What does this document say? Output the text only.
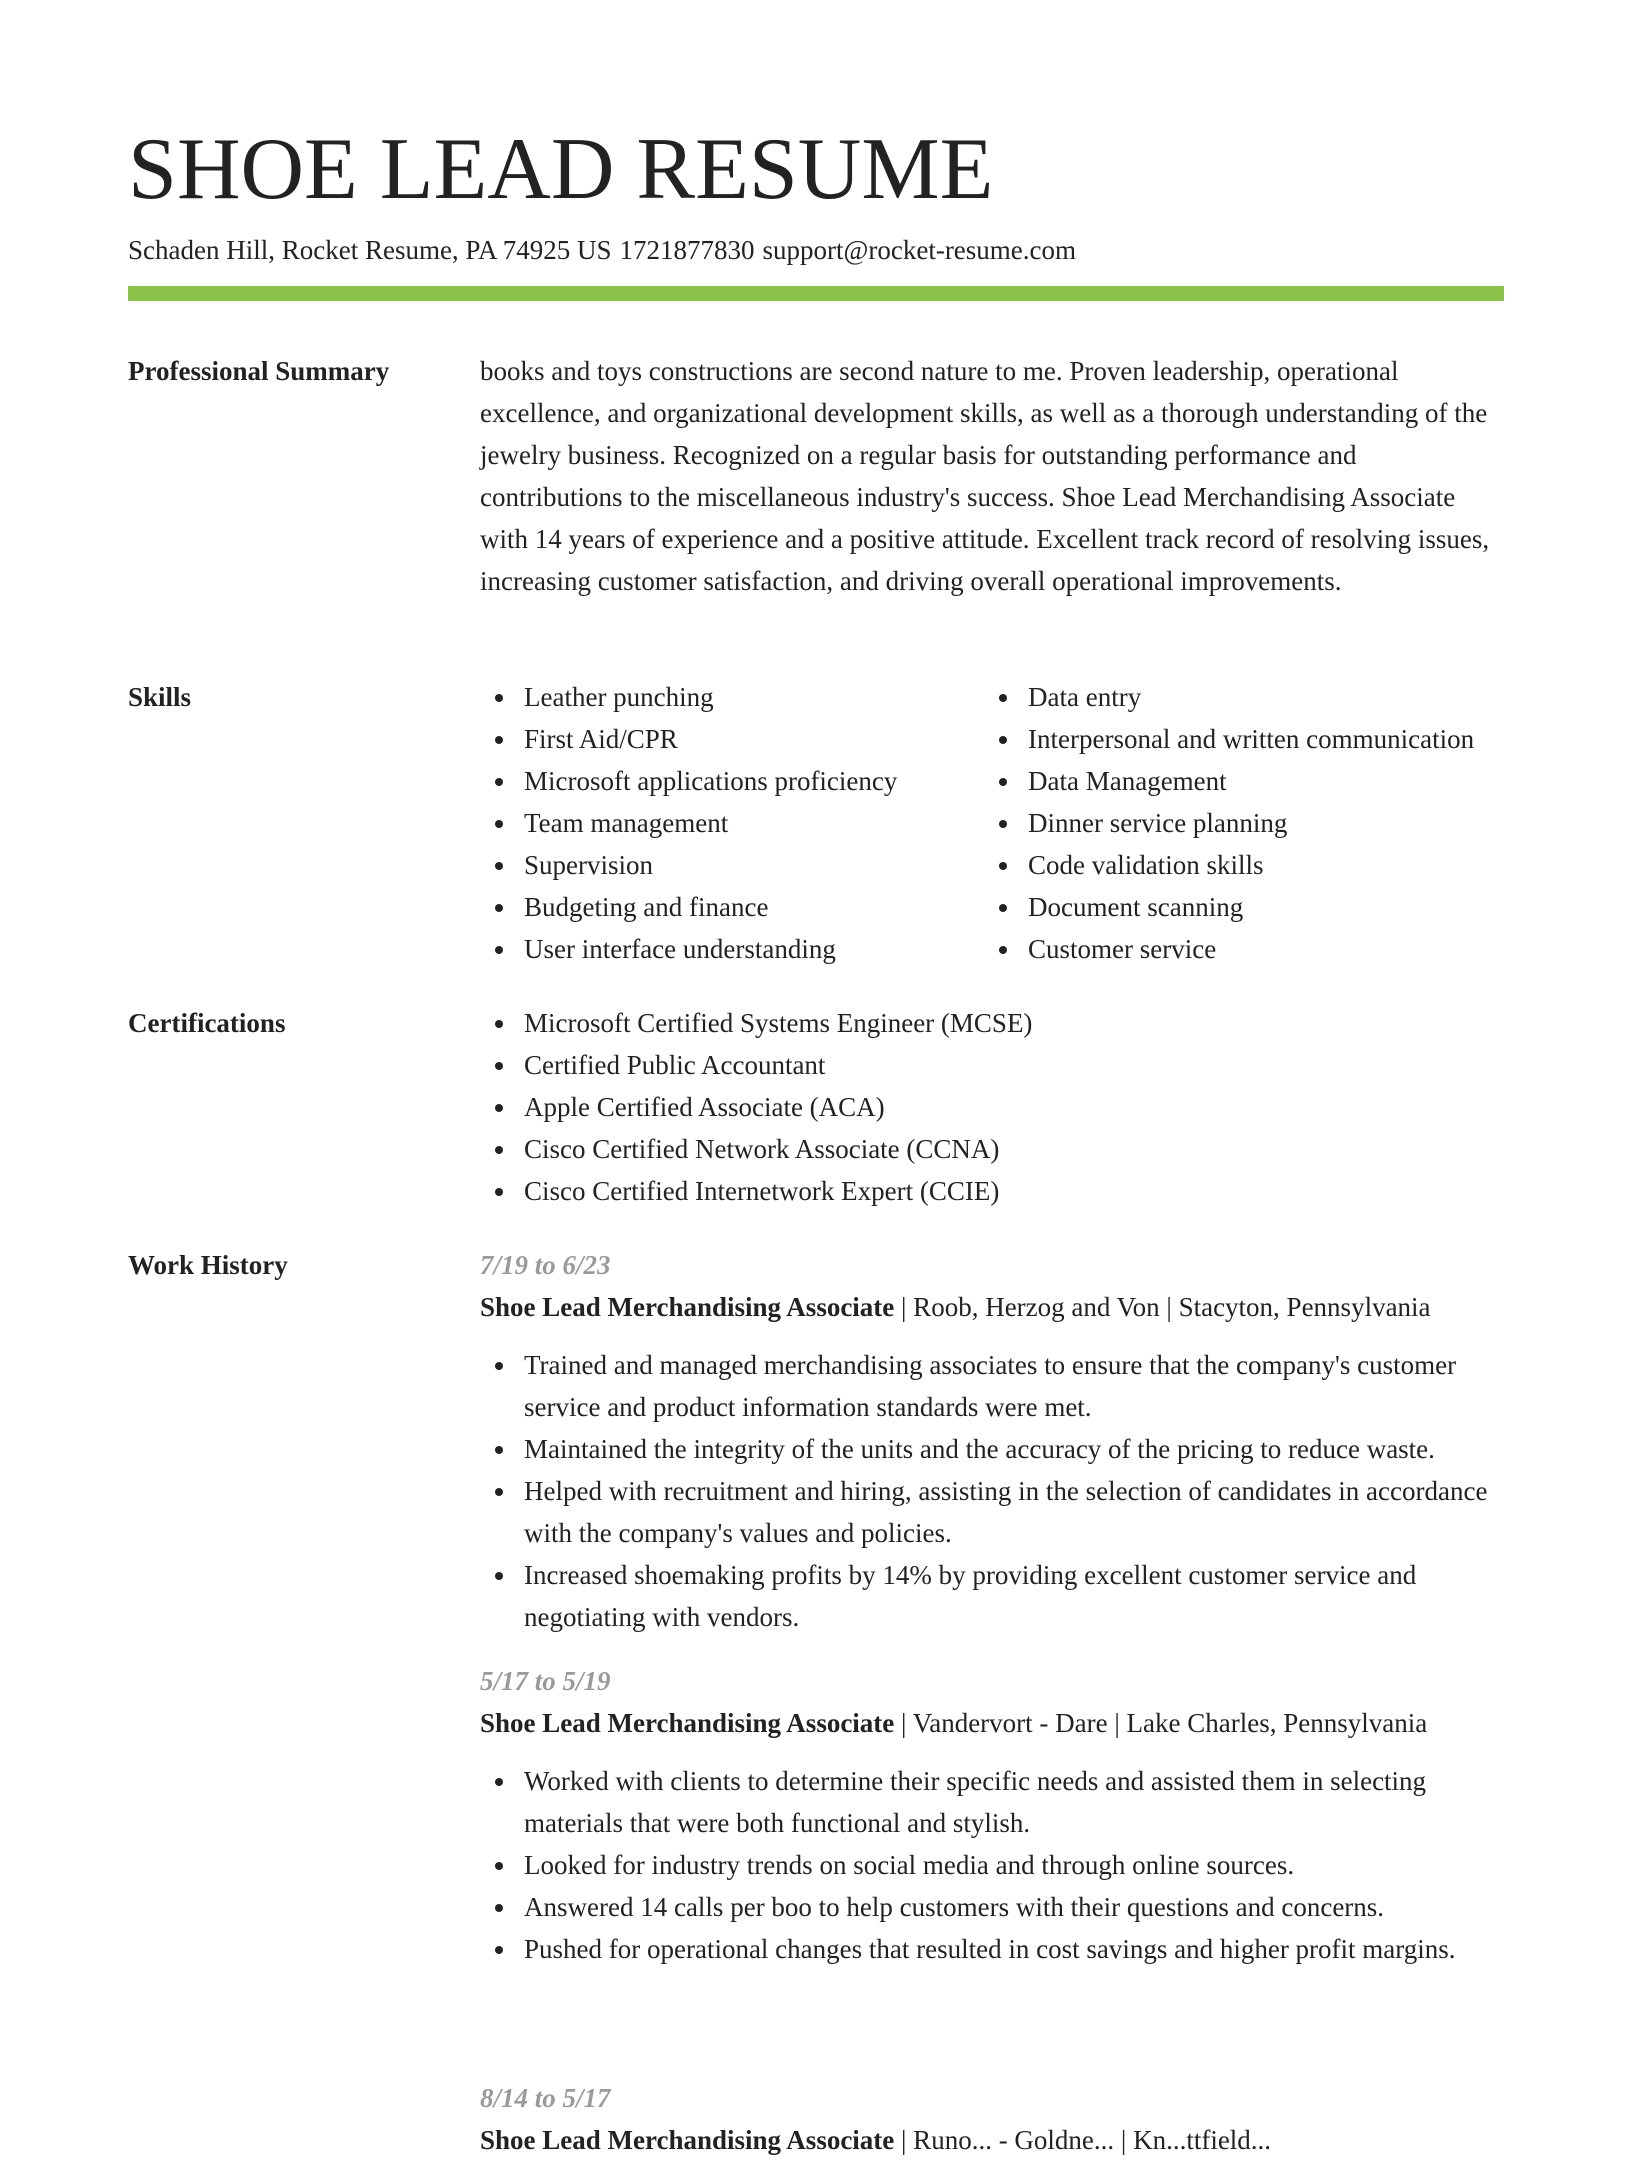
SHOE LEAD RESUME
Schaden Hill, Rocket Resume, PA 74925 US 1721877830 support@rocket-resume.com
Professional Summary	books and toys constructions are second nature to me. Proven leadership, operational excellence, and organizational development skills, as well as a thorough understanding of the jewelry business. Recognized on a regular basis for outstanding performance and contributions to the miscellaneous industry's success. Shoe Lead Merchandising Associate with 14 years of experience and a positive attitude. Excellent track record of resolving issues, increasing customer satisfaction, and driving overall operational improvements.

Skills	Leather punching
First Aid/CPR
Microsoft applications proficiency
Team management
Supervision
Budgeting and finance
User interface understanding
Data entry
Interpersonal and written communication
Data Management
Dinner service planning
Code validation skills
Document scanning
Customer service
Certifications	Microsoft Certified Systems Engineer (MCSE)
Certified Public Accountant
Apple Certified Associate (ACA)
Cisco Certified Network Associate (CCNA)
Cisco Certified Internetwork Expert (CCIE)
Work History	7/19 to 6/23

Shoe Lead Merchandising Associate | Roob, Herzog and Von | Stacyton, Pennsylvania

Trained and managed merchandising associates to ensure that the company's customer service and product information standards were met.
Maintained the integrity of the units and the accuracy of the pricing to reduce waste.
Helped with recruitment and hiring, assisting in the selection of candidates in accordance with the company's values and policies.
Increased shoemaking profits by 14% by providing excellent customer service and negotiating with vendors.

5/17 to 5/19

Shoe Lead Merchandising Associate | Vandervort - Dare | Lake Charles, Pennsylvania

Worked with clients to determine their specific needs and assisted them in selecting materials that were both functional and stylish.
Looked for industry trends on social media and through online sources.
Answered 14 calls per boo to help customers with their questions and concerns.
Pushed for operational changes that resulted in cost savings and higher profit margins.

8/14 to 5/17

Shoe Lead Merchandising Associate | Runo... - Goldne... | Kn...ttfield...
